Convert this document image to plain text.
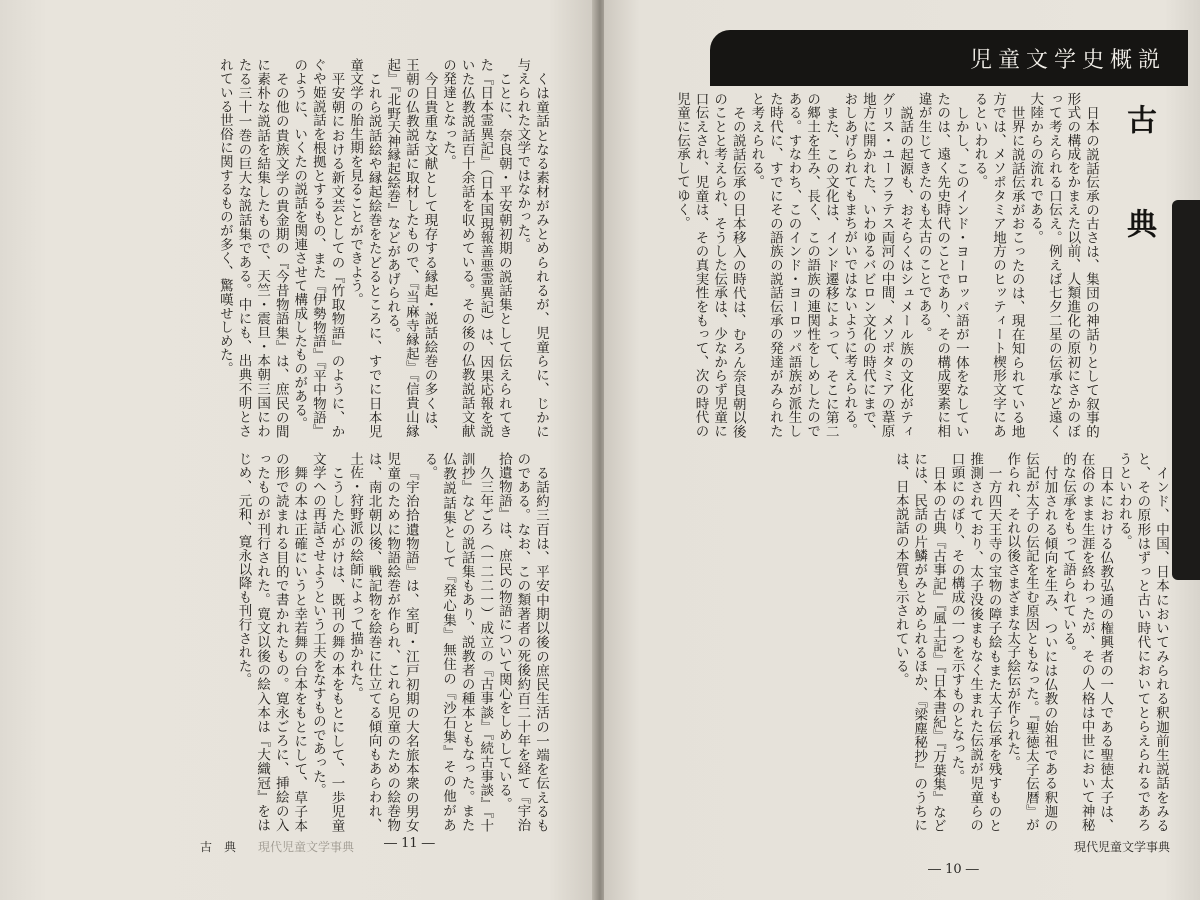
くは童話となる素材がみとめられるが、児童らに、じかに与えられた文学ではなかった。

ことに、奈良朝・平安朝初期の説話集として伝えられてきた『日本霊異記』（日本国現報善悪霊異記）は、因果応報を説いた仏教説話百十余話を収めている。その後の仏教説話文献の発達となった。

今日貴重な文献として現存する縁起・説話絵巻の多くは、王朝の仏教説話に取材したもので、『当麻寺縁起』『信貴山縁起』『北野天神縁起絵巻』などがあげられる。

これら説話絵や縁起絵巻をたどるところに、すでに日本児童文学の胎生期を見ることができよう。

平安朝における新文芸としての『竹取物語』のように、かぐや姫説話を根拠とするもの、また『伊勢物語』『平中物語』のように、いくたの説話を関連させて構成したものがある。

その他の貴族文学の貴金期の『今昔物語集』は、庶民の間に素朴な説話を結集したもので、天竺・震旦・本朝三国にわたる三十一巻の巨大な説話集である。中にも、出典不明とされている世俗に関するものが多く、驚嘆せしめた。

る話約三百は、平安中期以後の庶民生活の一端を伝えるものである。なお、この類著者の死後約百二十年を経て『宇治拾遺物語』は、庶民の物語について関心をしめしている。

久三年ごろ（一二二一）成立の『古事談』『続古事談』『十訓抄』などの説話集もあり、説教者の種本ともなった。また仏教説話集として『発心集』無住の『沙石集』その他がある。

『宇治拾遺物語』は、室町・江戸初期の大名旅本衆の男女児童のために物語絵巻が作られ、これら児童のための絵巻物は、南北朝以後、戦記物を絵巻に仕立てる傾向もあらわれ、土佐・狩野派の絵師によって描かれた。

こうした心がけは、既刊の舞の本をもとにして、一歩児童文学への再話させようという工夫をなすものであった。

舞の本は正確にいうと幸若舞の台本をもとにして、草子本の形で読まれる目的で書かれたもの。寛永ごろに、挿絵の入ったものが刊行された。寛文以後の絵入本は『大織冠』をはじめ、元和、寛永以降も刊行された。

古　典 現代児童文学事典 ― 11 ―

日本の説話伝承の古さは、集団の神話りとして叙事的形式の構成をかまえた以前、人類進化の原初にさかのぼって考えられる口伝え。例えば七夕二星の伝承など遠く大陸からの流れである。

世界に説話伝承がおこったのは、現在知られている地方では、メソポタミア地方のヒッティート楔形文字にあるといわれる。

しかし、このインド・ヨーロッパ語が一体をなしていたのは、遠く先史時代のことであり、その構成要素に相違が生じてきたのも太古のことである。

説話の起源も、おそらくはシュメール族の文化がティグリス・ユーフラテス両河の中間、メソポタミアの葦原地方に開かれた、いわゆるバビロン文化の時代にまで、おしあげられてもまちがいではないように考えられる。

また、この文化は、インド遷移によって、そこに第二の郷土を生み、長く、この語族の連関性をしめしたのである。すなわち、このインド・ヨーロッパ語族が派生した時代に、すでにその語族の説話伝承の発達がみられたと考えられる。

その説話伝承の日本移入の時代は、むろん奈良朝以後のことと考えられ、そうした伝承は、少なからず児童に口伝えされ、児童は、その真実性をもって、次の時代の児童に伝承してゆく。

インド、中国、日本においてみられる釈迦前生説話をみると、その原形はずっと古い時代においてとらえられるであろうといわれる。

日本における仏教弘通の権興者の一人である聖徳太子は、在俗のまま生涯を終わったが、その人格は中世において神秘的な伝承をもって語られている。

付加される傾向を生み、ついには仏教の始祖である釈迦の伝記が太子の伝記を生む原因ともなった。『聖徳太子伝暦』が作られ、それ以後さまざまな太子絵伝が作られた。

一方四天王寺の宝物の障子絵もまた太子伝承を残すものと推測されており、太子没後まもなく生まれた伝説が児童らの口頭にのぼり、その構成の一つを示すものとなった。

日本の古典『古事記』『風土記』『日本書紀』『万葉集』などには、民話の片鱗がみとめられるほか、『梁塵秘抄』のうちには、日本説話の本質も示されている。

現代児童文学事典
― 10 ―
児童文学史概説
古　典
